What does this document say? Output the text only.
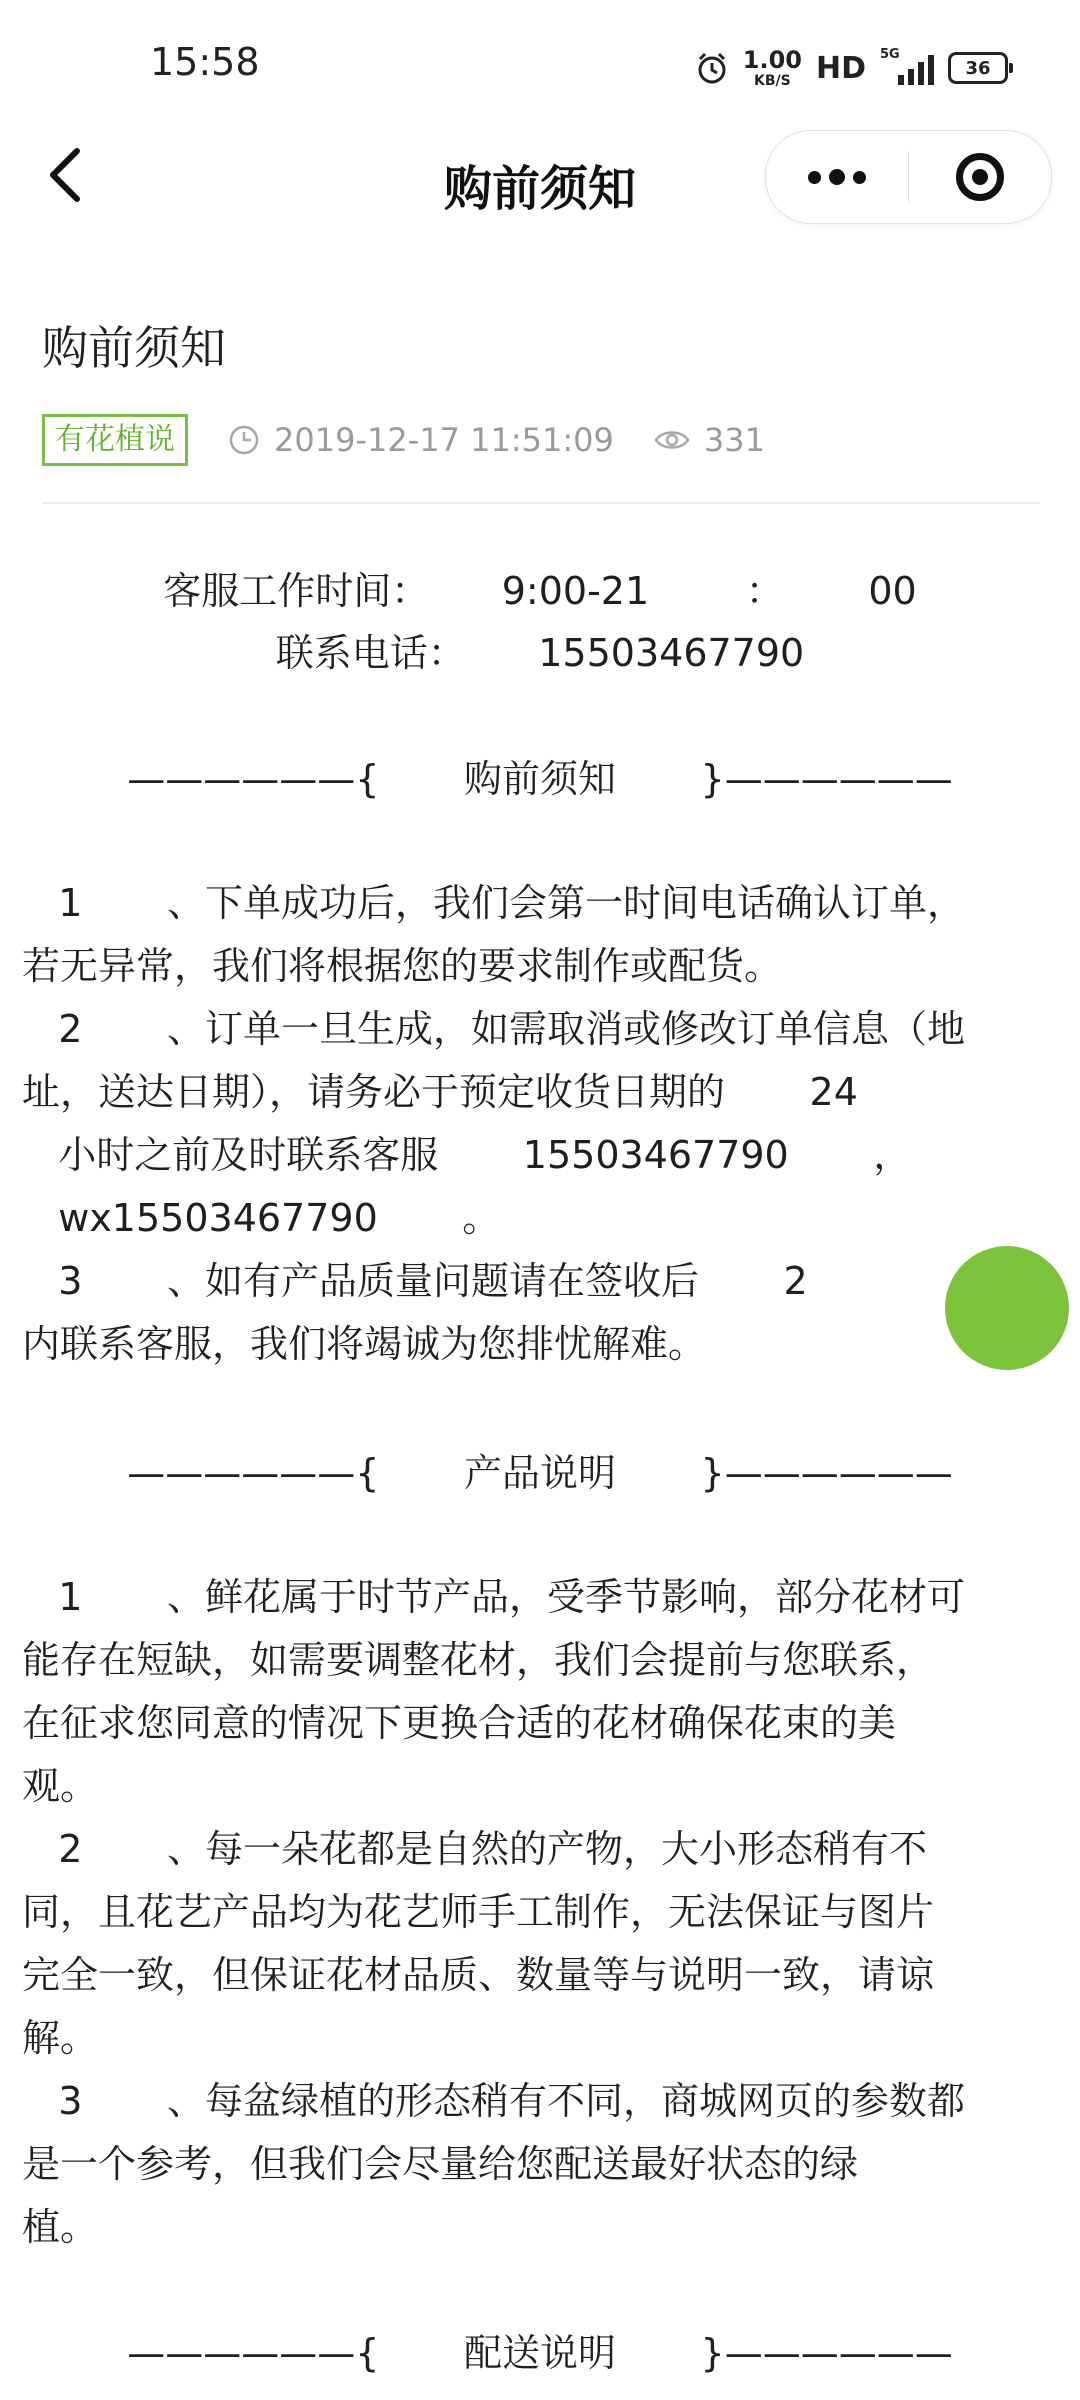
15:58	1.00
KB/S HD 5G
36
购前须知
购前须知
有花植说	2019-12-17 11:51:09	331
客服工作时间：      9:00-21        ：       00
联系电话：      15503467790
——————{       购前须知       }——————
1       、下单成功后，我们会第一时间电话确认订单，
若无异常，我们将根据您的要求制作或配货。
2       、订单一旦生成，如需取消或修改订单信息（地
址，送达日期），请务必于预定收货日期的       24
小时之前及时联系客服       15503467790       ，
wx15503467790       。
3       、如有产品质量问题请在签收后       2
内联系客服，我们将竭诚为您排忧解难。
——————{       产品说明       }——————
1       、鲜花属于时节产品，受季节影响，部分花材可
能存在短缺，如需要调整花材，我们会提前与您联系，
在征求您同意的情况下更换合适的花材确保花束的美
观。
2       、每一朵花都是自然的产物，大小形态稍有不
同，且花艺产品均为花艺师手工制作，无法保证与图片
完全一致，但保证花材品质、数量等与说明一致，请谅
解。
3       、每盆绿植的形态稍有不同，商城网页的参数都
是一个参考，但我们会尽量给您配送最好状态的绿
植。
——————{       配送说明       }——————
